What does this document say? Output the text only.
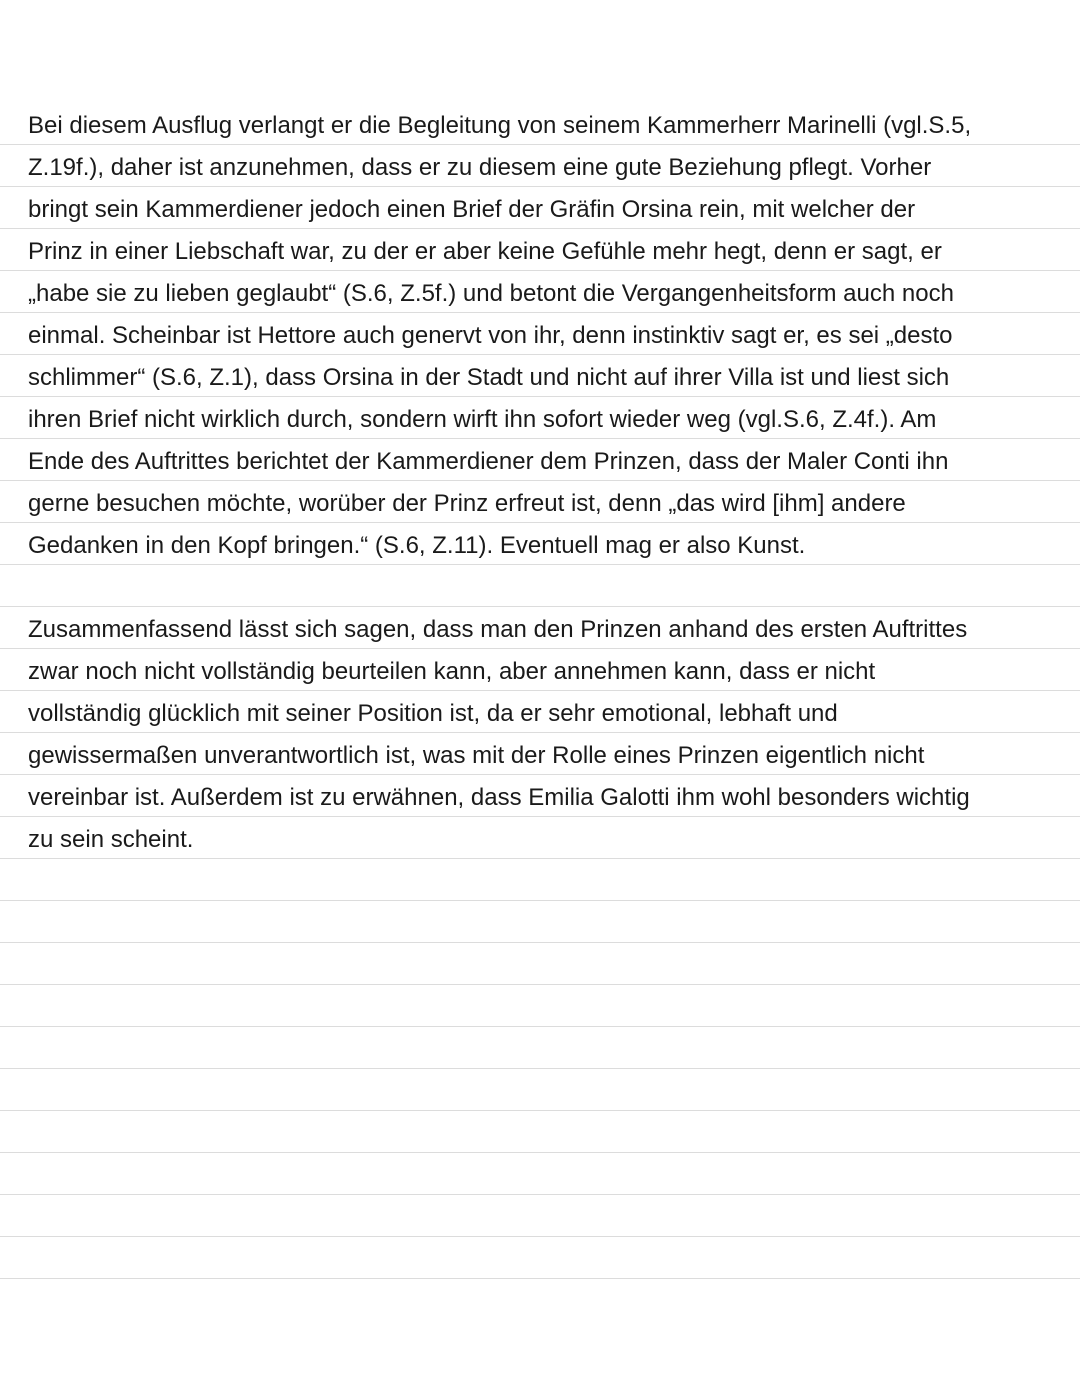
Bei diesem Ausflug verlangt er die Begleitung von seinem Kammerherr Marinelli (vgl.S.5,
Z.19f.), daher ist anzunehmen, dass er zu diesem eine gute Beziehung pflegt. Vorher
bringt sein Kammerdiener jedoch einen Brief der Gräfin Orsina rein, mit welcher der
Prinz in einer Liebschaft war, zu der er aber keine Gefühle mehr hegt, denn er sagt, er
„habe sie zu lieben geglaubt“ (S.6, Z.5f.) und betont die Vergangenheitsform auch noch
einmal. Scheinbar ist Hettore auch genervt von ihr, denn instinktiv sagt er, es sei „desto
schlimmer“ (S.6, Z.1), dass Orsina in der Stadt und nicht auf ihrer Villa ist und liest sich
ihren Brief nicht wirklich durch, sondern wirft ihn sofort wieder weg (vgl.S.6, Z.4f.). Am
Ende des Auftrittes berichtet der Kammerdiener dem Prinzen, dass der Maler Conti ihn
gerne besuchen möchte, worüber der Prinz erfreut ist, denn „das wird [ihm] andere
Gedanken in den Kopf bringen.“ (S.6, Z.11). Eventuell mag er also Kunst.
Zusammenfassend lässt sich sagen, dass man den Prinzen anhand des ersten Auftrittes
zwar noch nicht vollständig beurteilen kann, aber annehmen kann, dass er nicht
vollständig glücklich mit seiner Position ist, da er sehr emotional, lebhaft und
gewissermaßen unverantwortlich ist, was mit der Rolle eines Prinzen eigentlich nicht
vereinbar ist. Außerdem ist zu erwähnen, dass Emilia Galotti ihm wohl besonders wichtig
zu sein scheint.
